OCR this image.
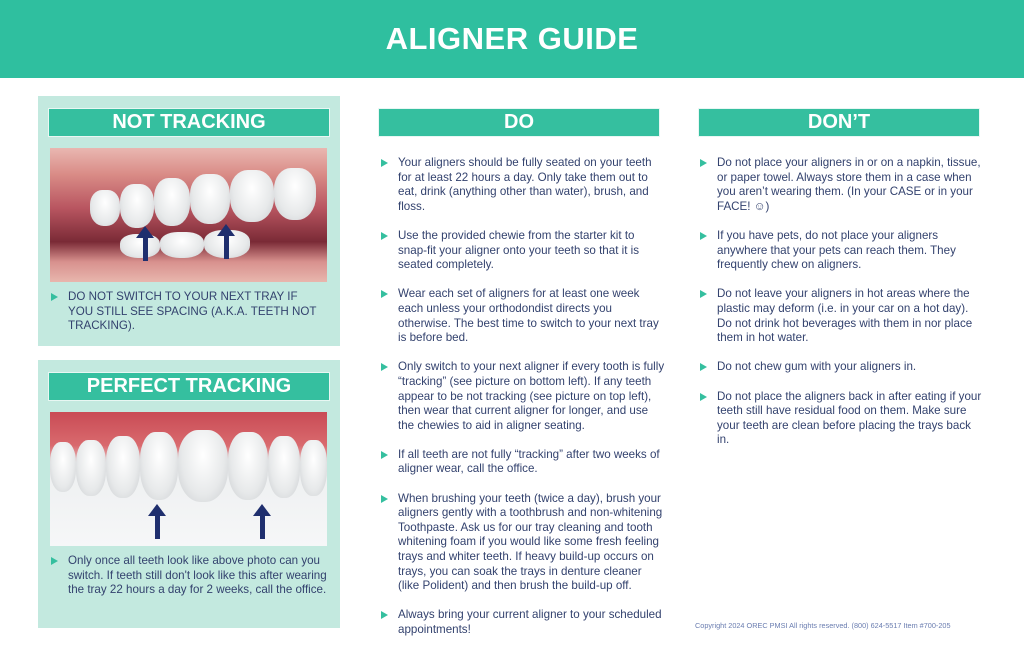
ALIGNER GUIDE
NOT TRACKING
DO NOT SWITCH TO YOUR NEXT TRAY IF YOU STILL SEE SPACING (A.K.A. TEETH NOT TRACKING).
PERFECT TRACKING
Only once all teeth look like above photo can you switch. If teeth still don't look like this after wearing the tray 22 hours a day for 2 weeks, call the office.
DO
Your aligners should be fully seated on your teeth for at least 22 hours a day. Only take them out to eat, drink (anything other than water), brush, and floss.
Use the provided chewie from the starter kit to snap-fit your aligner onto your teeth so that it is seated completely.
Wear each set of aligners for at least one week each unless your orthodondist directs you otherwise. The best time to switch to your next tray is before bed.
Only switch to your next aligner if every tooth is fully “tracking” (see picture on bottom left). If any teeth appear to be not tracking (see picture on top left), then wear that current aligner for longer, and use the chewies to aid in aligner seating.
If all teeth are not fully “tracking” after two weeks of aligner wear, call the office.
When brushing your teeth (twice a day), brush your aligners gently with a toothbrush and non-whitening Toothpaste. Ask us for our tray cleaning and tooth whitening foam if you would like some fresh feeling trays and whiter teeth. If heavy build-up occurs on trays, you can soak the trays in denture cleaner (like Polident) and then brush the build-up off.
Always bring your current aligner to your scheduled appointments!
DON’T
Do not place your aligners in or on a napkin, tissue, or paper towel. Always store them in a case when you aren’t wearing them. (In your CASE or in your FACE! ☺)
If you have pets, do not place your aligners anywhere that your pets can reach them. They frequently chew on aligners.
Do not leave your aligners in hot areas where the plastic may deform (i.e. in your car on a hot day). Do not drink hot beverages with them in nor place them in hot water.
Do not chew gum with your aligners in.
Do not place the aligners back in after eating if your teeth still have residual food on them. Make sure your teeth are clean before placing the trays back in.
Copyright 2024 OREC PMSI All rights reserved. (800) 624-5517 Item #700-205
